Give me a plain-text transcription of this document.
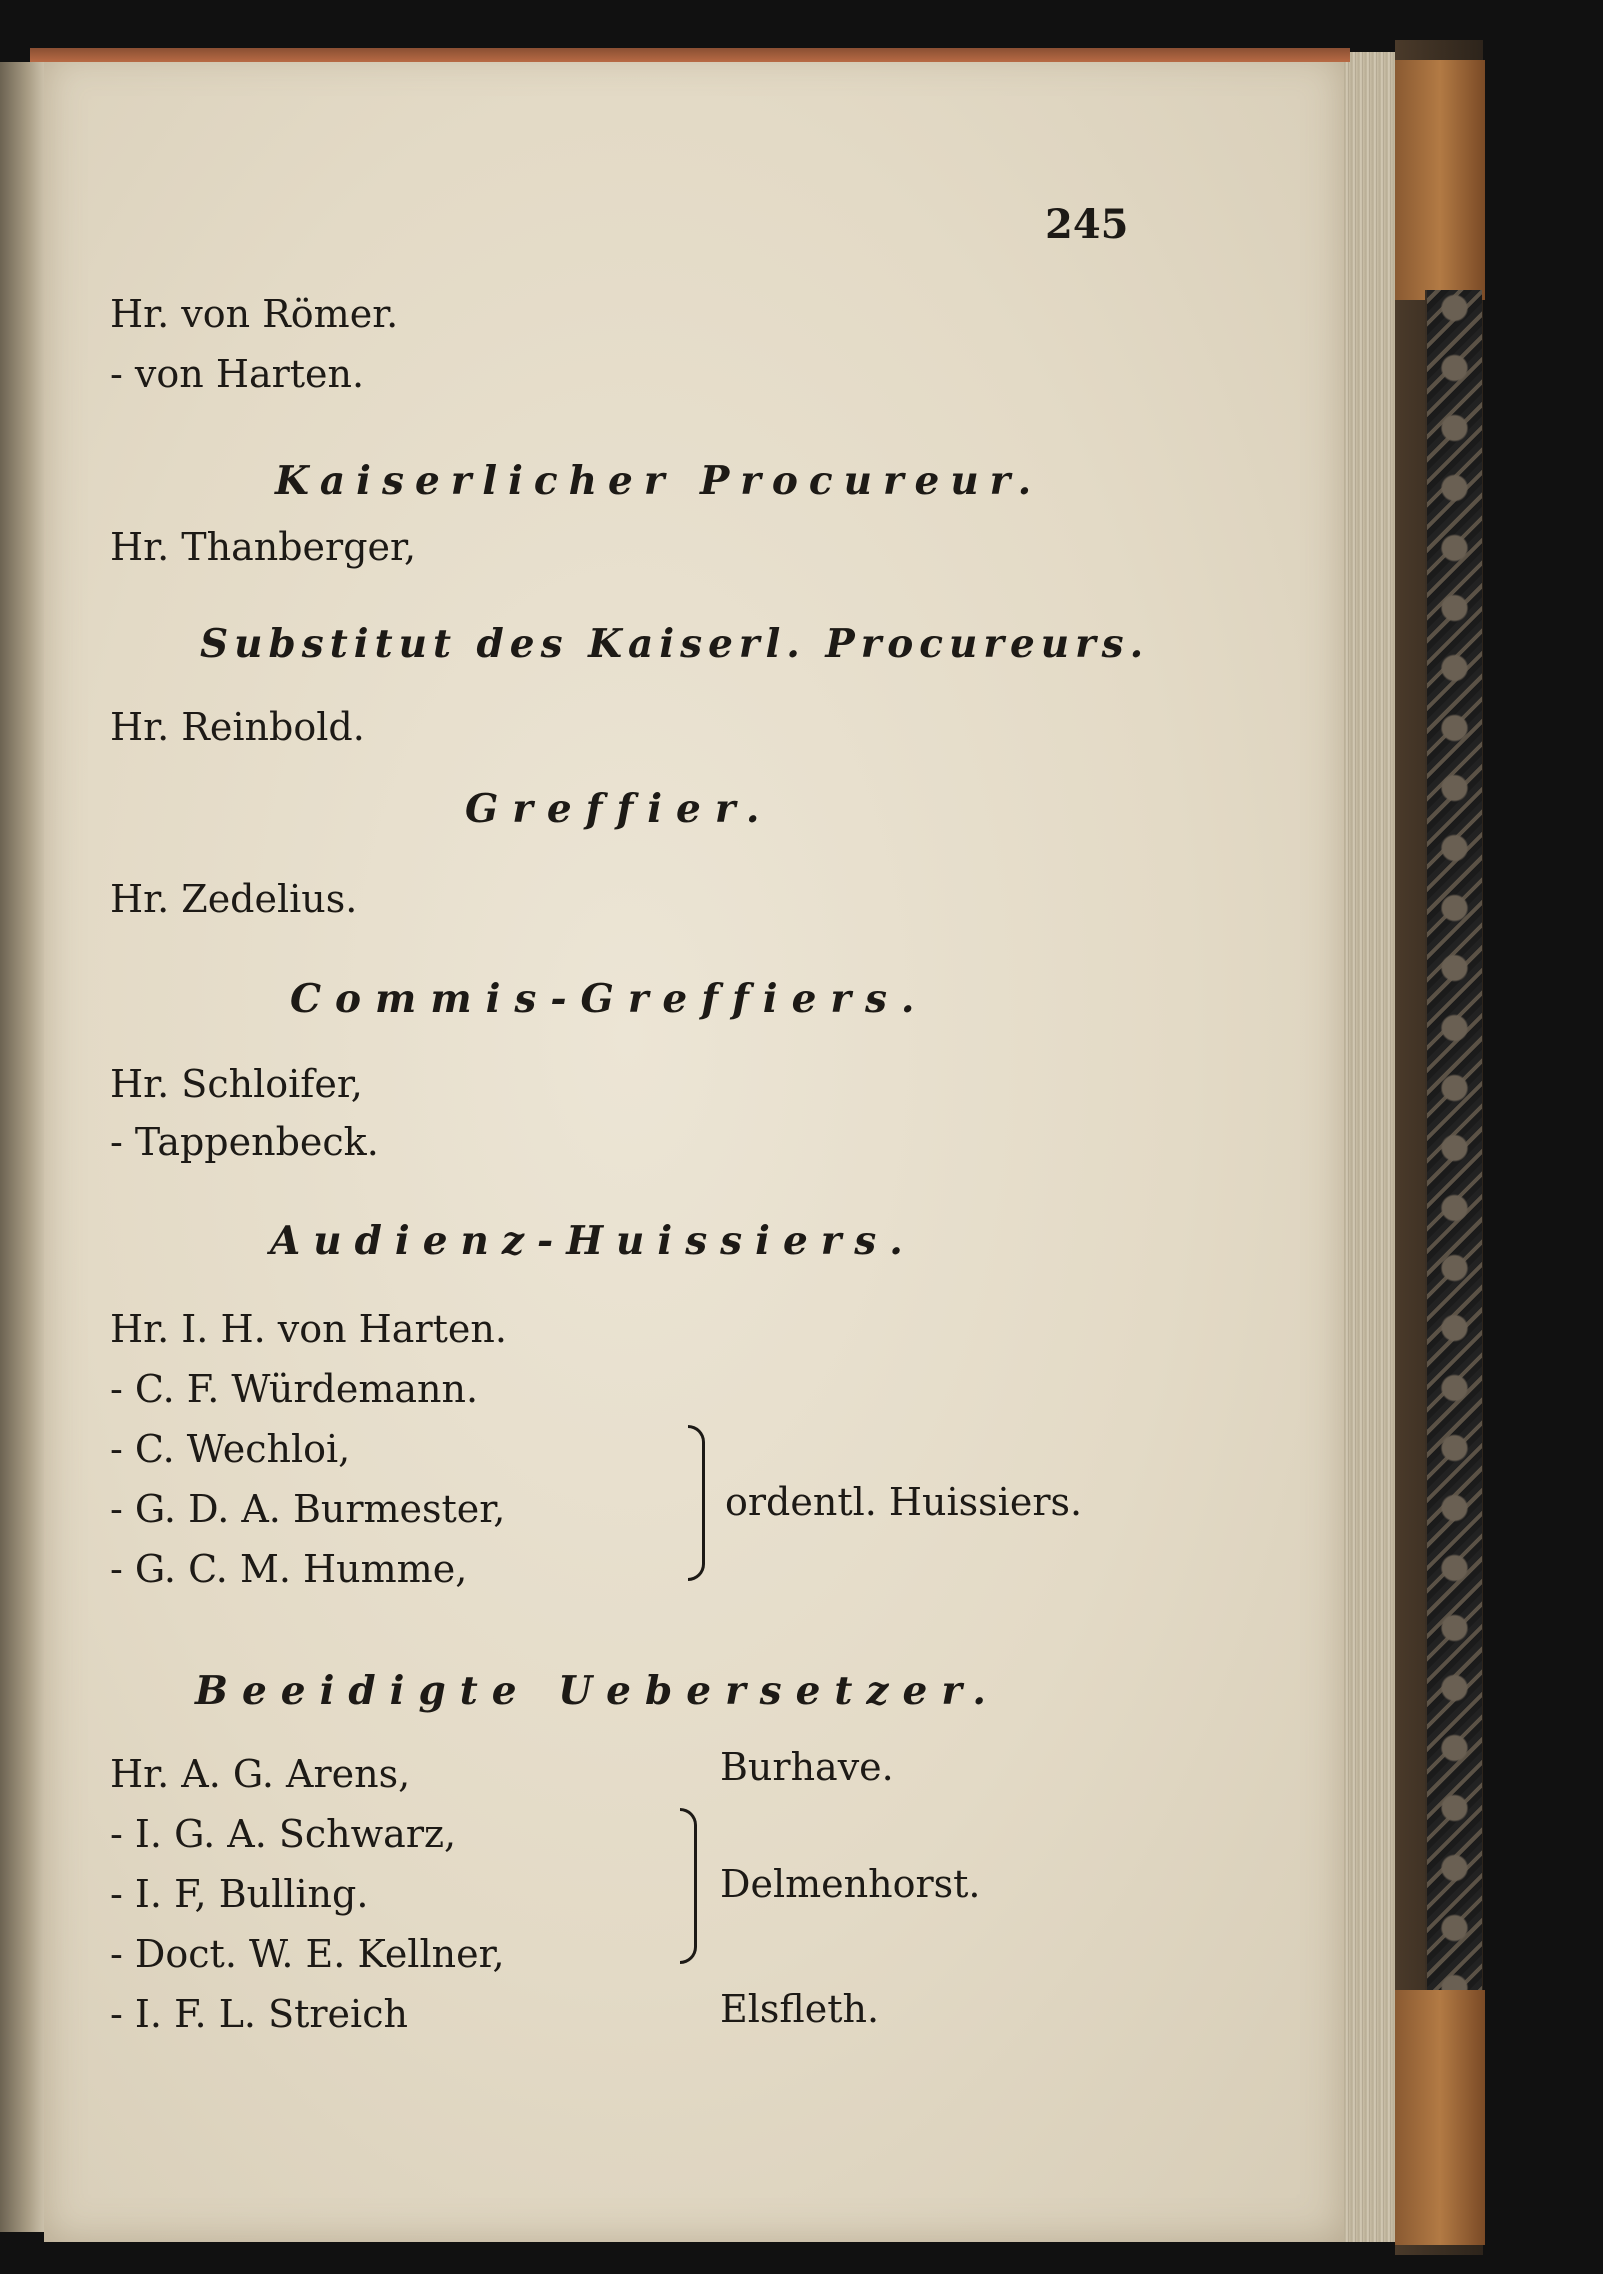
245
Hr. von Römer.
- von Harten.
Kaiserlicher Procureur.
Hr. Thanberger,
Substitut des Kaiserl. Procureurs.
Hr. Reinbold.
Greffier.
Hr. Zedelius.
Commis-Greffiers.
Hr. Schloifer,
- Tappenbeck.
Audienz-Huissiers.
Hr. I. H. von Harten.
- C. F. Würdemann.
- C. Wechloi,
- G. D. A. Burmester,
- G. C. M. Humme,
ordentl. Huissiers.
Beeidigte Uebersetzer.
Hr. A. G. Arens,
- I. G. A. Schwarz,
- I. F, Bulling.
- Doct. W. E. Kellner,
- I. F. L. Streich
Burhave.
Delmenhorst.
Elsfleth.
